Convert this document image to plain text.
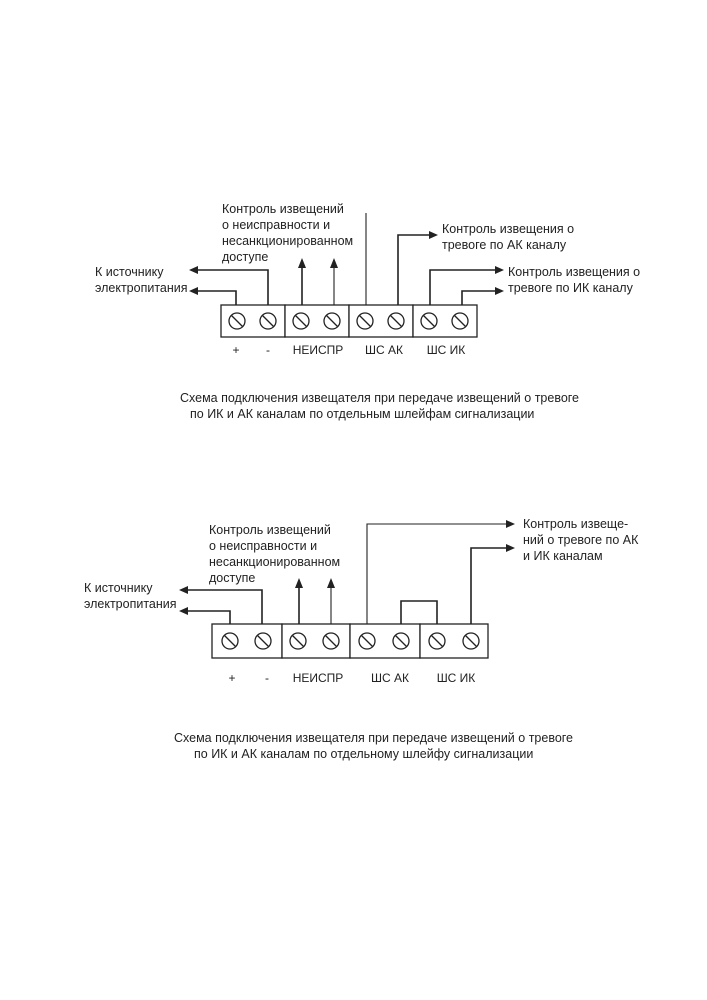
К источнику
электропитания
Контроль извещений
о неисправности и
несанкционированном
доступе
Контроль извещения о
тревоге по АК каналу
Контроль извещения о
тревоге по ИК каналу
+ - НЕИСПР ШС АК ШС ИК
Схема подключения извещателя при передаче извещений о тревоге
по ИК и АК каналам по отдельным шлейфам сигнализации
К источнику
электропитания
Контроль извещений
о неисправности и
несанкционированном
доступе
Контроль извеще-
ний о тревоге по АК
и ИК каналам
+ - НЕИСПР ШС АК ШС ИК
Схема подключения извещателя при передаче извещений о тревоге
по ИК и АК каналам по отдельному шлейфу сигнализации
